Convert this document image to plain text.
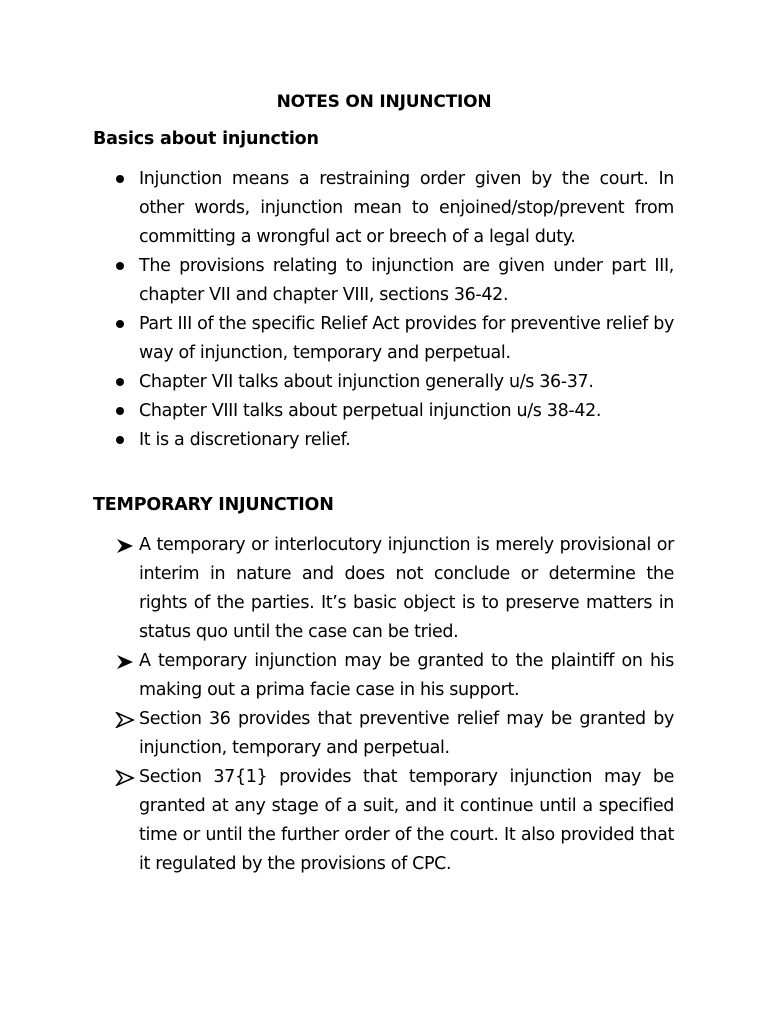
NOTES ON INJUNCTION
Basics about injunction
Injunction means a restraining order given by the court. In other words, injunction mean to enjoined/stop/prevent from committing a wrongful act or breech of a legal duty.
The provisions relating to injunction are given under part III, chapter VII and chapter VIII, sections 36-42.
Part III of the specific Relief Act provides for preventive relief by way of injunction, temporary and perpetual.
Chapter VII talks about injunction generally u/s 36-37.
Chapter VIII talks about perpetual injunction u/s 38-42.
It is a discretionary relief.
TEMPORARY INJUNCTION
A temporary or interlocutory injunction is merely provisional or interim in nature and does not conclude or determine the rights of the parties. It’s basic object is to preserve matters in status quo until the case can be tried.
A temporary injunction may be granted to the plaintiff on his making out a prima facie case in his support.
Section 36 provides that preventive relief may be granted by injunction, temporary and perpetual.
Section 37{1} provides that temporary injunction may be granted at any stage of a suit, and it continue until a specified time or until the further order of the court. It also provided that it regulated by the provisions of CPC.
